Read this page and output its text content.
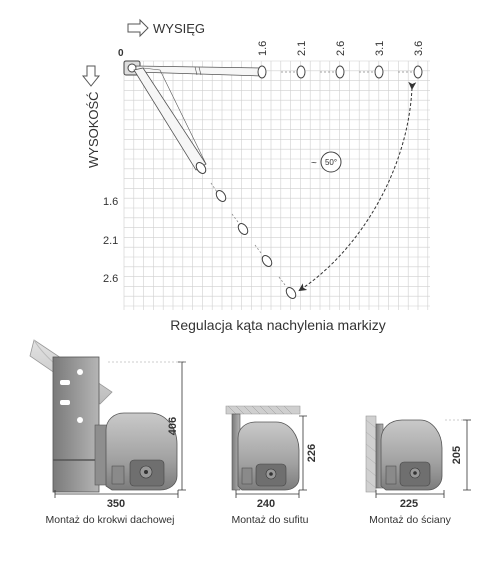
WYSIĘG
WYSOKOŚĆ
0	1.6 2.1 2.6 3.1 3.6
1.6
2.1
2.6
~ 50°
Regulacja kąta nachylenia markizy
406
350
Montaż do krokwi dachowej
226
240
Montaż do sufitu
205
225
Montaż do ściany
